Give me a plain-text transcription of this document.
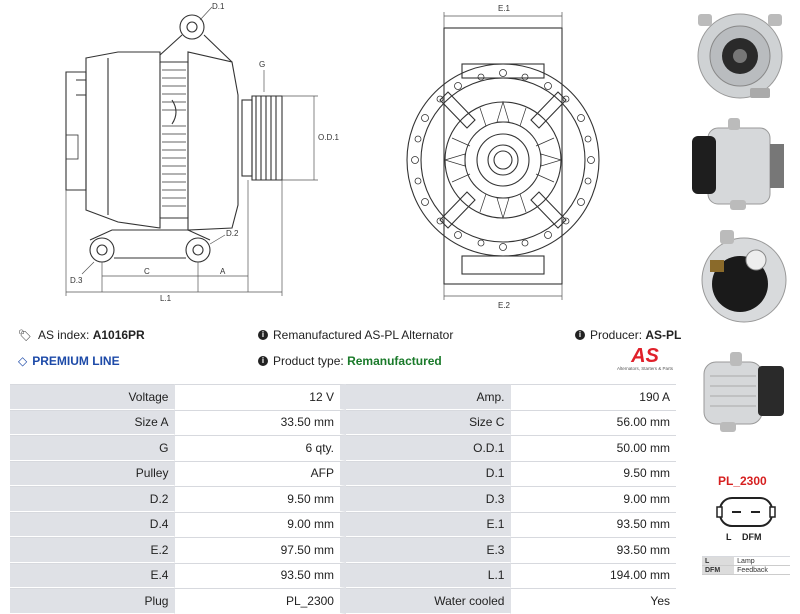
D.1
G
O.D.1
D.2
D.3
C	A
L.1
E.1
E.2
🏷 AS index:
A1016PR	i Remanufactured AS-PL Alternator	i Producer:
AS-PL
◇ PREMIUM LINE	i Product type:
Remanufactured	AS
Alternators, Starters & Parts
Voltage	12 V	Amp.	190 A
Size A	33.50 mm	Size C	56.00 mm
G	6 qty.	O.D.1	50.00 mm
Pulley	AFP	D.1	9.50 mm
D.2	9.50 mm	D.3	9.00 mm
D.4	9.00 mm	E.1	93.50 mm
E.2	97.50 mm	E.3	93.50 mm
E.4	93.50 mm	L.1	194.00 mm
Plug	PL_2300	Water cooled	Yes
PL_2300
L DFM
L	Lamp
DFM	Feedback
